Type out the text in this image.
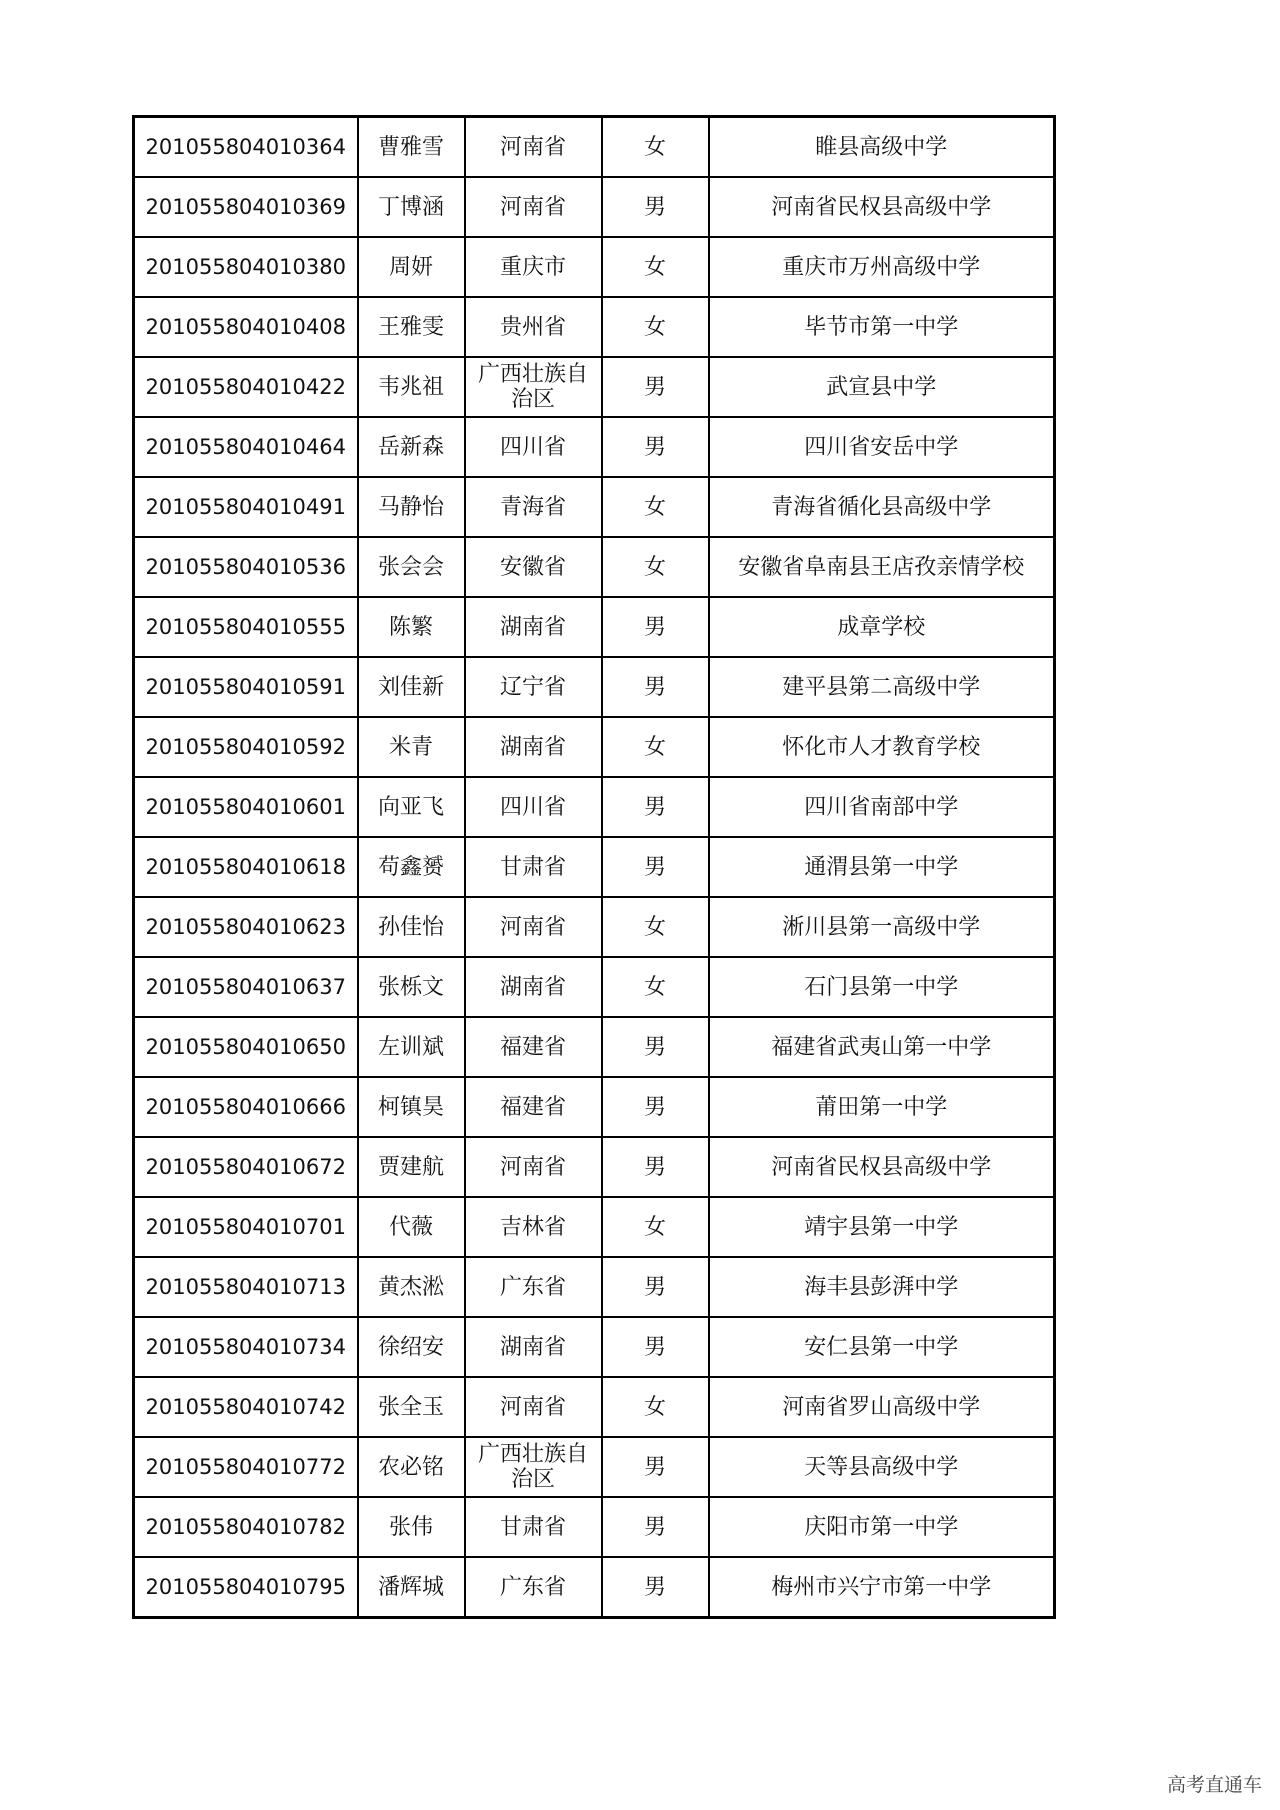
201055804010364	曹雅雪	河南省	女	睢县高级中学
201055804010369	丁博涵	河南省	男	河南省民权县高级中学
201055804010380	周妍	重庆市	女	重庆市万州高级中学
201055804010408	王雅雯	贵州省	女	毕节市第一中学
201055804010422	韦兆祖	广西壮族自治区	男	武宣县中学
201055804010464	岳新森	四川省	男	四川省安岳中学
201055804010491	马静怡	青海省	女	青海省循化县高级中学
201055804010536	张会会	安徽省	女	安徽省阜南县王店孜亲情学校
201055804010555	陈繁	湖南省	男	成章学校
201055804010591	刘佳新	辽宁省	男	建平县第二高级中学
201055804010592	米青	湖南省	女	怀化市人才教育学校
201055804010601	向亚飞	四川省	男	四川省南部中学
201055804010618	苟鑫赟	甘肃省	男	通渭县第一中学
201055804010623	孙佳怡	河南省	女	淅川县第一高级中学
201055804010637	张栎文	湖南省	女	石门县第一中学
201055804010650	左训斌	福建省	男	福建省武夷山第一中学
201055804010666	柯镇昊	福建省	男	莆田第一中学
201055804010672	贾建航	河南省	男	河南省民权县高级中学
201055804010701	代薇	吉林省	女	靖宇县第一中学
201055804010713	黄杰淞	广东省	男	海丰县彭湃中学
201055804010734	徐绍安	湖南省	男	安仁县第一中学
201055804010742	张全玉	河南省	女	河南省罗山高级中学
201055804010772	农必铭	广西壮族自治区	男	天等县高级中学
201055804010782	张伟	甘肃省	男	庆阳市第一中学
201055804010795	潘辉城	广东省	男	梅州市兴宁市第一中学
高考直通车
